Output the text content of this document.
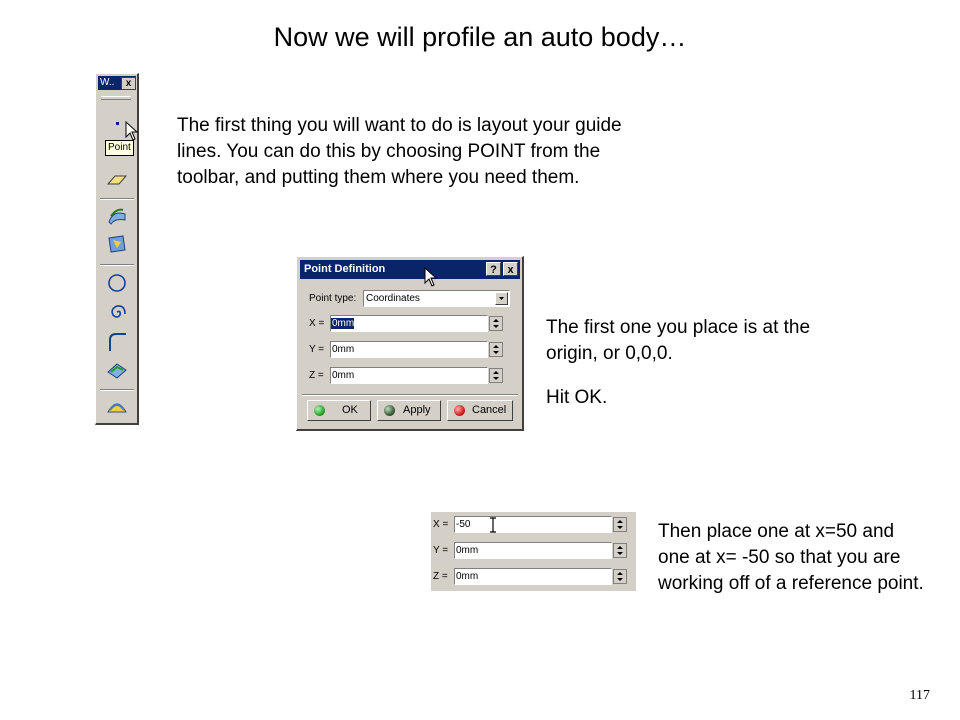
Now we will profile an auto body…
W..	x
Point
The first thing you will want to do is layout your guide lines. You can do this by choosing POINT from the toolbar, and putting them where you need them.
Point Definition	? x
Point type: Coordinates
X = 0mm
Y = 0mm
Z = 0mm
OK	Apply	Cancel
The first one you place is at the origin, or 0,0,0.
Hit OK.
X = -50
Y = 0mm
Z = 0mm
Then place one at x=50 and one at x= -50 so that you are working off of a reference point.
117
